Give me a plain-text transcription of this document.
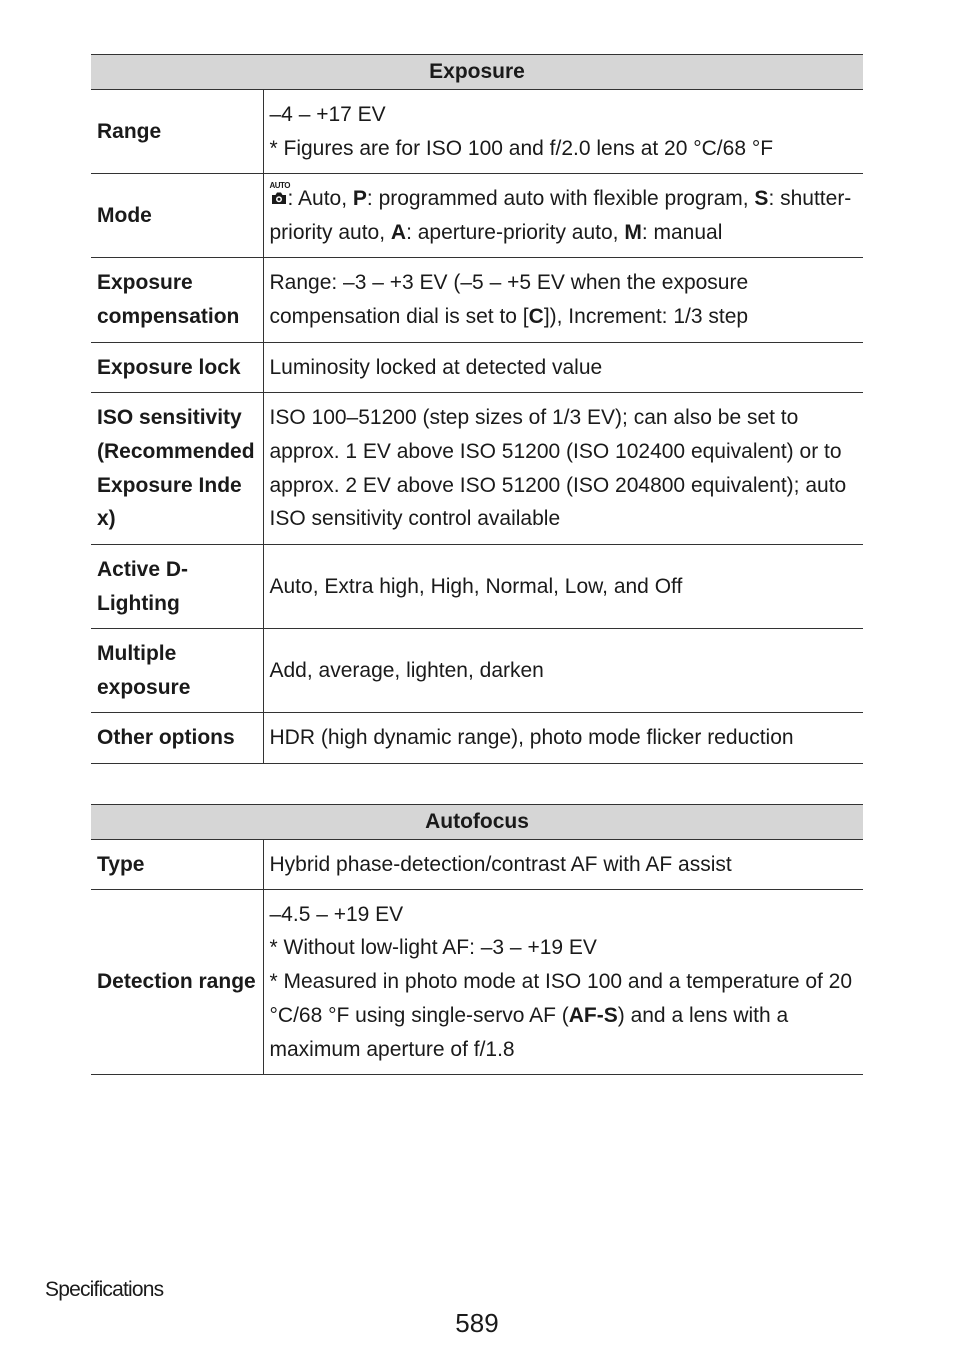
Exposure	
Range	–4 – +17 EV
* Figures are for ISO 100 and f/2.0 lens at 20 °C/68 °F

Mode	AUTO
: Auto, P: programmed auto with flexible program, S: shutter-priority auto, A: aperture-priority auto, M: manual
Exposure compensation	Range: –3 – +3 EV (–5 – +5 EV when the exposure compensation dial is set to [C]), Increment: 1/3 step
Exposure lock	Luminosity locked at detected value
ISO sensitivity (Recommended Exposure Index)	ISO 100–51200 (step sizes of 1/3 EV); can also be set to approx. 1 EV above ISO 51200 (ISO 102400 equivalent) or to approx. 2 EV above ISO 51200 (ISO 204800 equivalent); auto ISO sensitivity control available
Active D-Lighting	Auto, Extra high, High, Normal, Low, and Off
Multiple exposure	Add, average, lighten, darken
Other options	HDR (high dynamic range), photo mode flicker reduction
Autofocus	
Type	Hybrid phase-detection/contrast AF with AF assist
Detection range	–4.5 – +19 EV
* Without low-light AF: –3 – +19 EV
* Measured in photo mode at ISO 100 and a temperature of 20 °C/68 °F using single-servo AF (AF-S) and a lens with a maximum aperture of f/1.8
Specifications
589
